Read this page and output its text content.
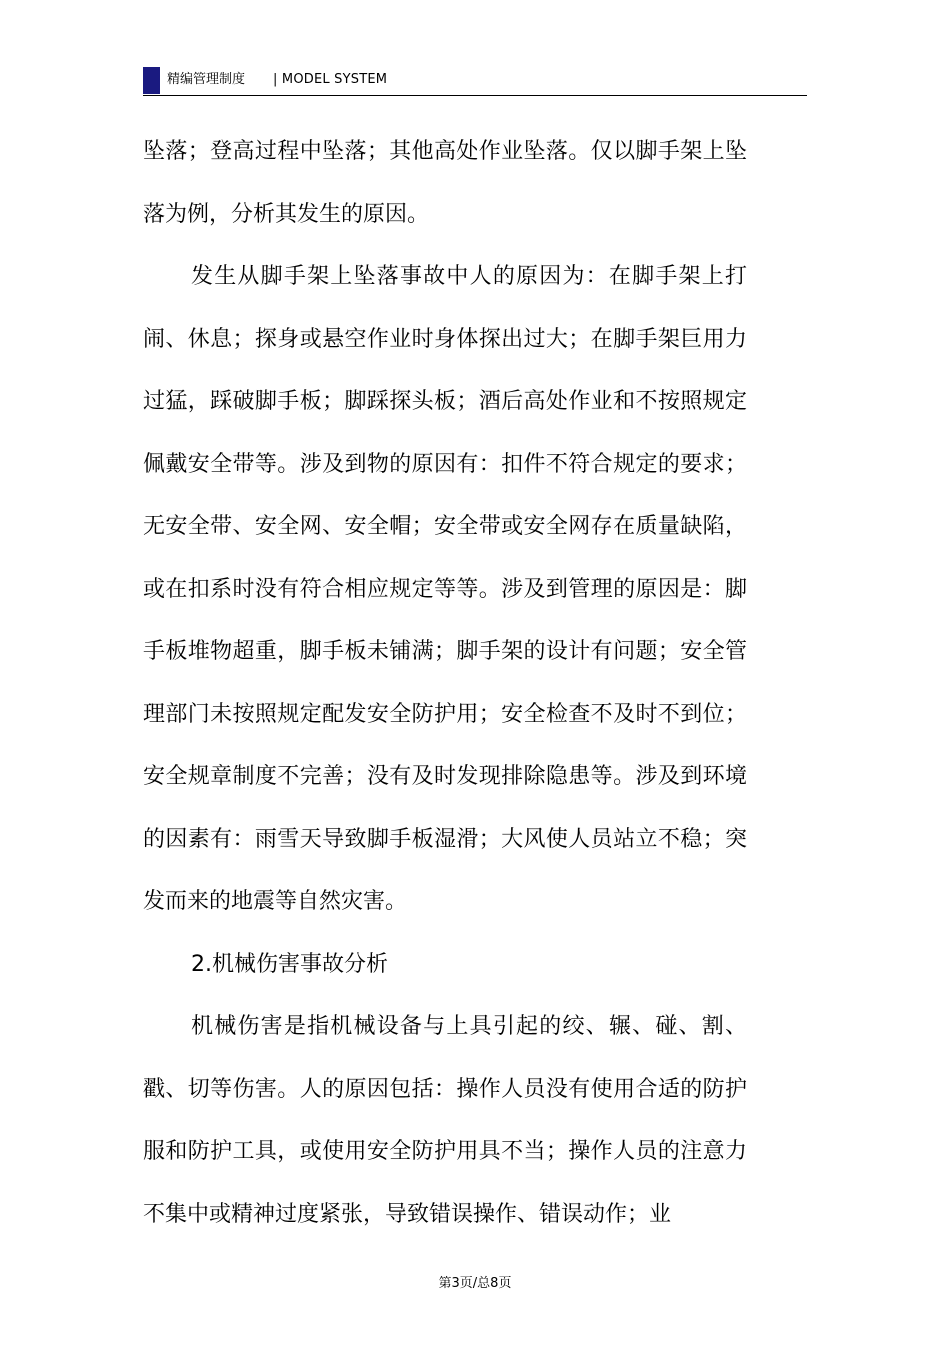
精编管理制度 | MODEL SYSTEM

坠落；登高过程中坠落；其他高处作业坠落。仅以脚手架上坠落为例，分析其发生的原因。

发生从脚手架上坠落事故中人的原因为：在脚手架上打闹、休息；探身或悬空作业时身体探出过大；在脚手架巨用力过猛，踩破脚手板；脚踩探头板；酒后高处作业和不按照规定佩戴安全带等。涉及到物的原因有：扣件不符合规定的要求；无安全带、安全网、安全帽；安全带或安全网存在质量缺陷，或在扣系时没有符合相应规定等等。涉及到管理的原因是：脚手板堆物超重，脚手板未铺满；脚手架的设计有问题；安全管理部门未按照规定配发安全防护用；安全检查不及时不到位；安全规章制度不完善；没有及时发现排除隐患等。涉及到环境的因素有：雨雪天导致脚手板湿滑；大风使人员站立不稳；突发而来的地震等自然灾害。

2.机械伤害事故分析

机械伤害是指机械设备与上具引起的绞、辗、碰、割、戳、切等伤害。人的原因包括：操作人员没有使用合适的防护服和防护工具，或使用安全防护用具不当；操作人员的注意力不集中或精神过度紧张，导致错误操作、错误动作；业

第3页/总8页
